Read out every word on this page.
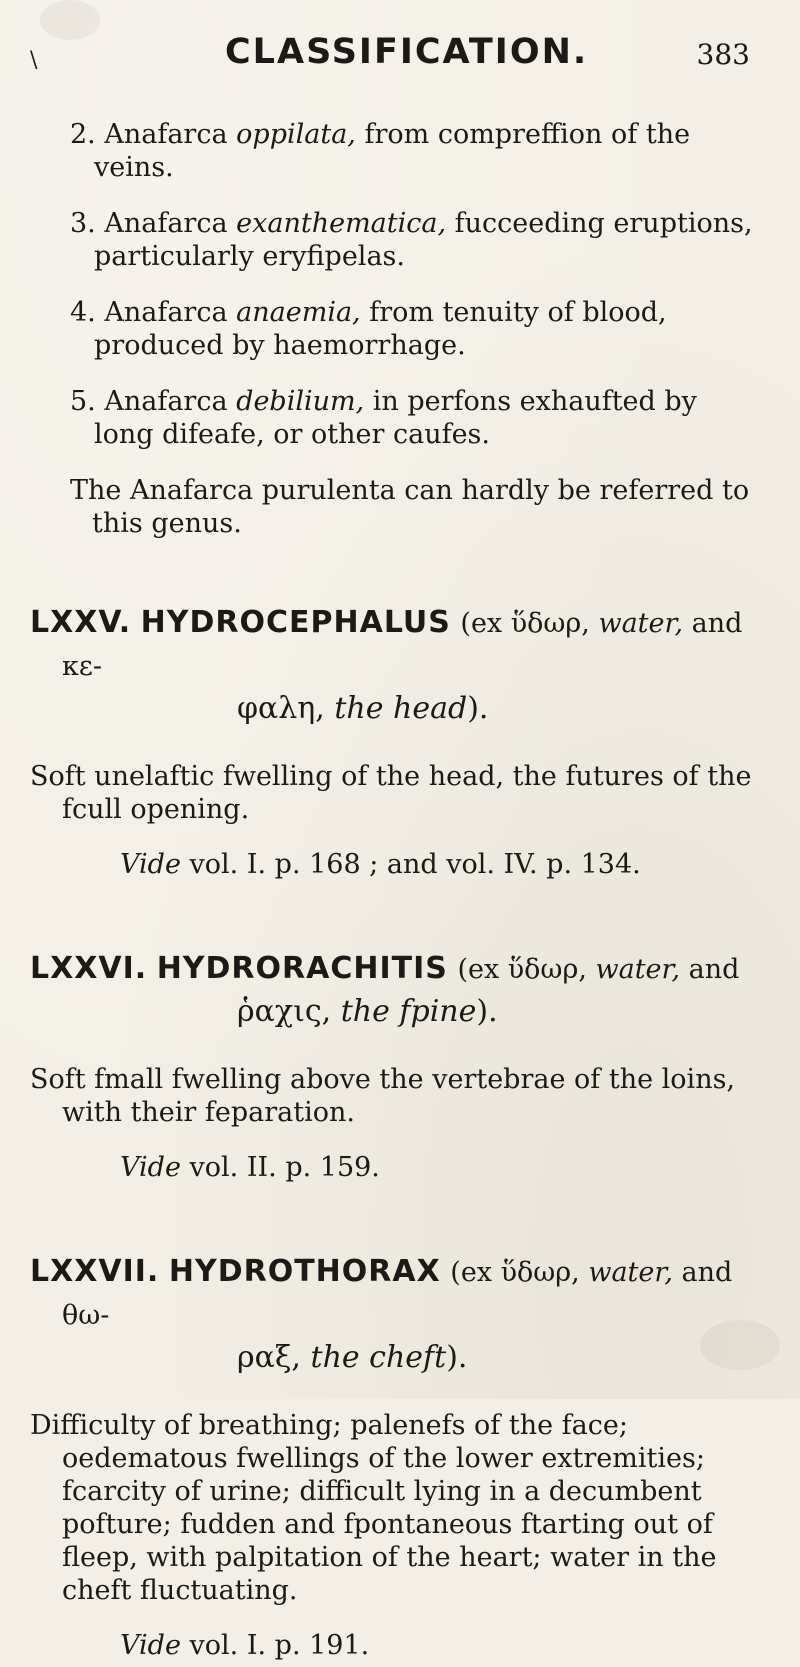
\	CLASSIFICATION.	383
2. Anafarca oppilata, from compreffion of the veins.
3. Anafarca exanthematica, fucceeding eruptions, particularly eryfipelas.
4. Anafarca anaemia, from tenuity of blood, produced by haemorrhage.
5. Anafarca debilium, in perfons exhaufted by long difeafe, or other caufes.
The Anafarca purulenta can hardly be referred to this genus.
LXXV. HYDROCEPHALUS (ex ὕδωρ, water, and κε-
φαλη, the head).
Soft unelaftic fwelling of the head, the futures of the fcull opening.
Vide vol. I. p. 168 ; and vol. IV. p. 134.
LXXVI. HYDRORACHITIS (ex ὕδωρ, water, and
ῥαχις, the fpine).
Soft fmall fwelling above the vertebrae of the loins, with their feparation.
Vide vol. II. p. 159.
LXXVII. HYDROTHORAX (ex ὕδωρ, water, and θω-
ραξ, the cheft).
Difficulty of breathing; palenefs of the face; oedematous fwellings of the lower extremities; fcarcity of urine; difficult lying in a decumbent pofture; fudden and fpontaneous ftarting out of fleep, with palpitation of the heart; water in the cheft fluctuating.
Vide vol. I. p. 191.
